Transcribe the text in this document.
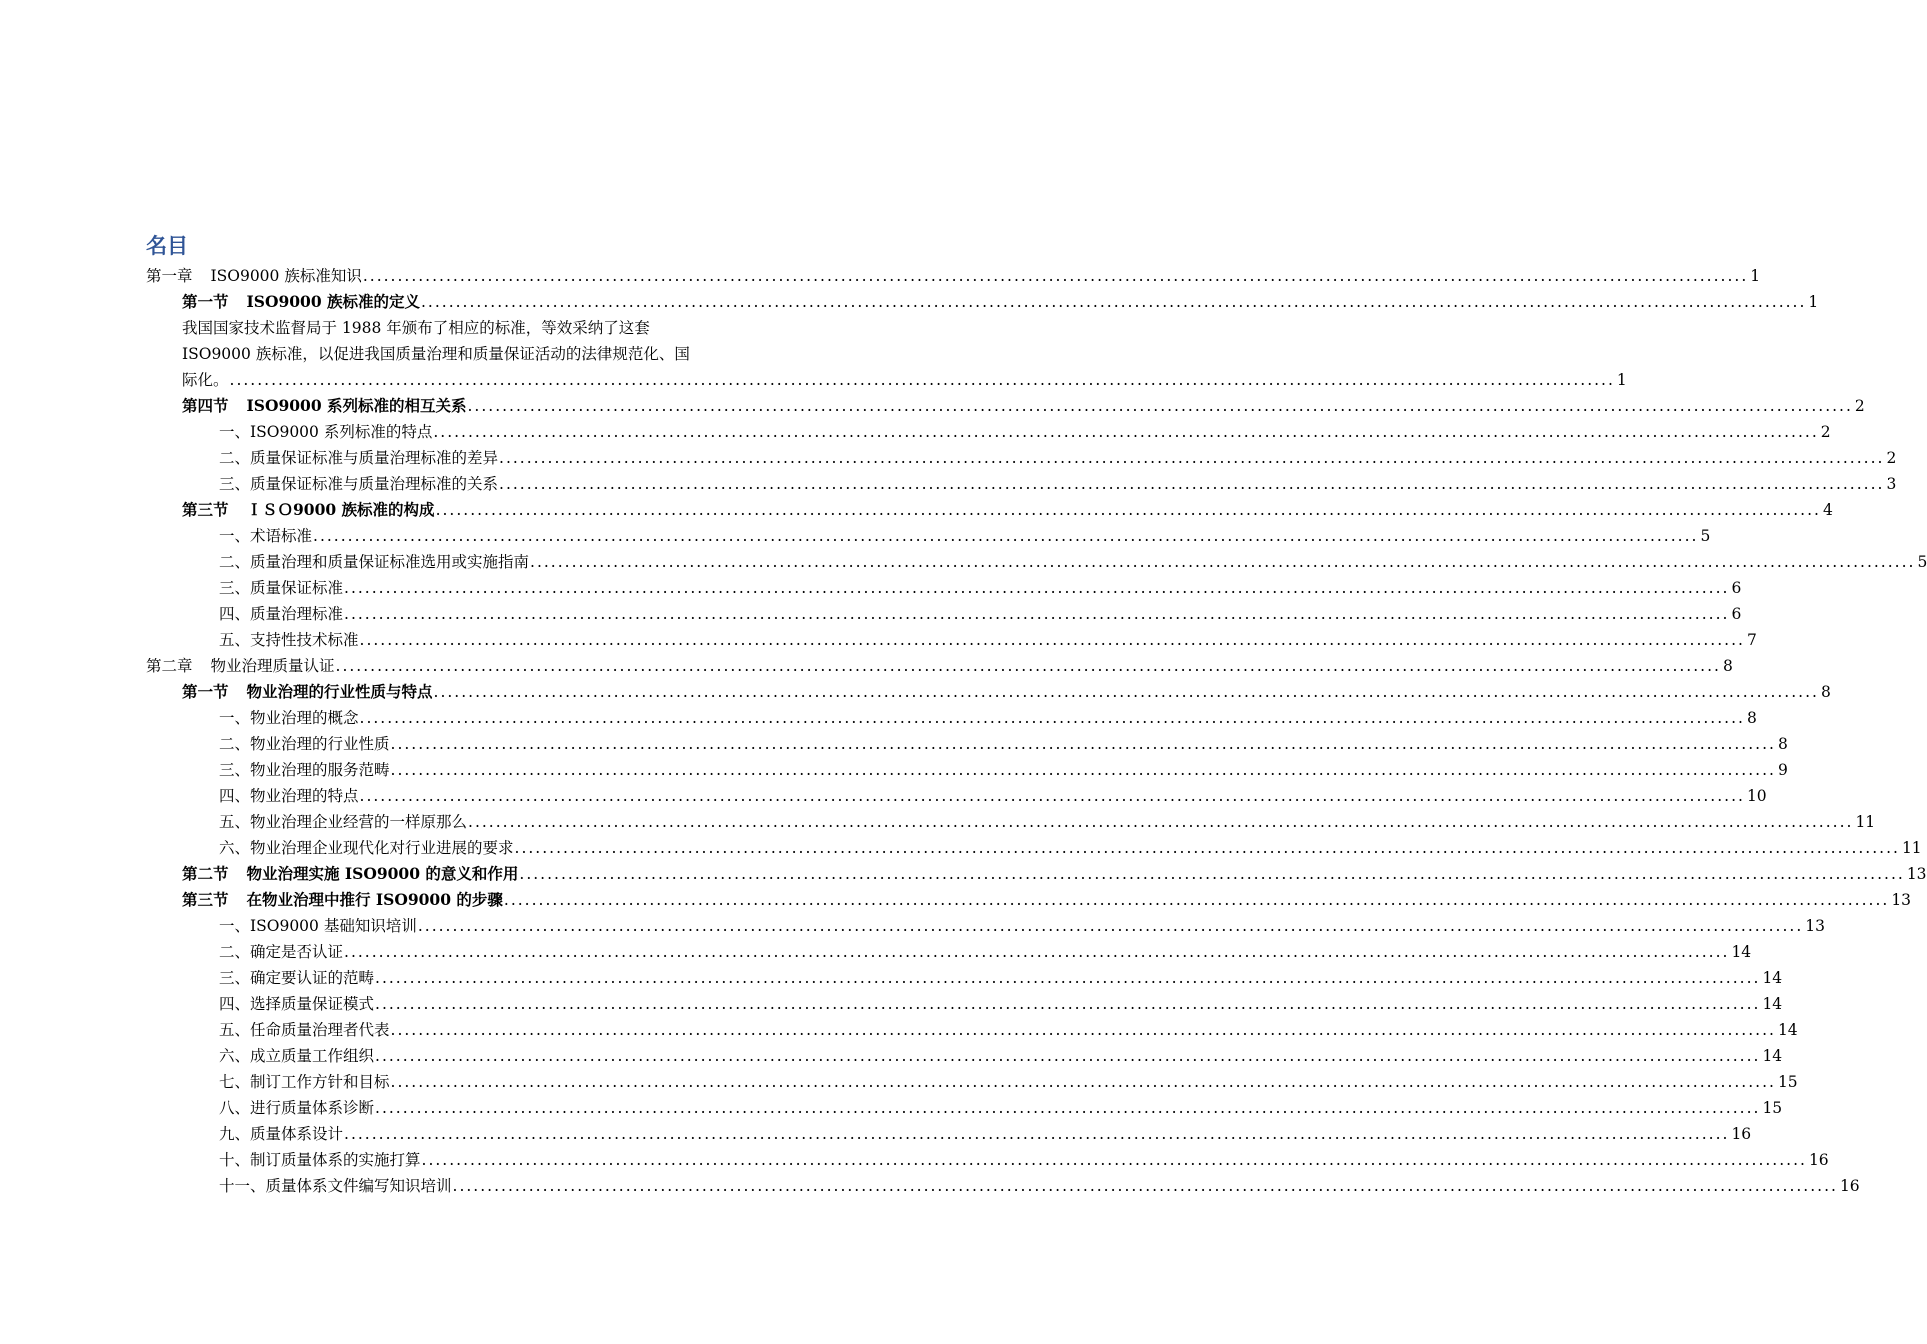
名目
第一章 ISO9000 族标准知识 ........................................................................................................................................................................................................ 1
第一节 ISO9000 族标准的定义 ........................................................................................................................................................................................................ 1
我国国家技术监督局于 1988 年颁布了相应的标准，等效采纳了这套
ISO9000 族标准，以促进我国质量治理和质量保证活动的法律规范化、国
际化。 ........................................................................................................................................................................................................ 1
第四节 ISO9000 系列标准的相互关系 ........................................................................................................................................................................................................ 2
一、ISO9000 系列标准的特点 ........................................................................................................................................................................................................ 2
二、质量保证标准与质量治理标准的差异 ........................................................................................................................................................................................................ 2
三、质量保证标准与质量治理标准的关系 ........................................................................................................................................................................................................ 3
第三节 ＩＳＯ9000 族标准的构成 ........................................................................................................................................................................................................ 4
一、术语标准 ........................................................................................................................................................................................................ 5
二、质量治理和质量保证标准选用或实施指南 ........................................................................................................................................................................................................ 5
三、质量保证标准 ........................................................................................................................................................................................................ 6
四、质量治理标准 ........................................................................................................................................................................................................ 6
五、支持性技术标准 ........................................................................................................................................................................................................ 7
第二章 物业治理质量认证 ........................................................................................................................................................................................................ 8
第一节 物业治理的行业性质与特点 ........................................................................................................................................................................................................ 8
一、物业治理的概念 ........................................................................................................................................................................................................ 8
二、物业治理的行业性质 ........................................................................................................................................................................................................ 8
三、物业治理的服务范畴 ........................................................................................................................................................................................................ 9
四、物业治理的特点 ........................................................................................................................................................................................................ 10
五、物业治理企业经营的一样原那么 ........................................................................................................................................................................................................ 11
六、物业治理企业现代化对行业进展的要求 ........................................................................................................................................................................................................ 11
第二节 物业治理实施 ISO9000 的意义和作用 ........................................................................................................................................................................................................ 13
第三节 在物业治理中推行 ISO9000 的步骤 ........................................................................................................................................................................................................ 13
一、ISO9000 基础知识培训 ........................................................................................................................................................................................................ 13
二、确定是否认证 ........................................................................................................................................................................................................ 14
三、确定要认证的范畴 ........................................................................................................................................................................................................ 14
四、选择质量保证模式 ........................................................................................................................................................................................................ 14
五、任命质量治理者代表 ........................................................................................................................................................................................................ 14
六、成立质量工作组织 ........................................................................................................................................................................................................ 14
七、制订工作方针和目标 ........................................................................................................................................................................................................ 15
八、进行质量体系诊断 ........................................................................................................................................................................................................ 15
九、质量体系设计 ........................................................................................................................................................................................................ 16
十、制订质量体系的实施打算 ........................................................................................................................................................................................................ 16
十一、质量体系文件编写知识培训 ........................................................................................................................................................................................................ 16
